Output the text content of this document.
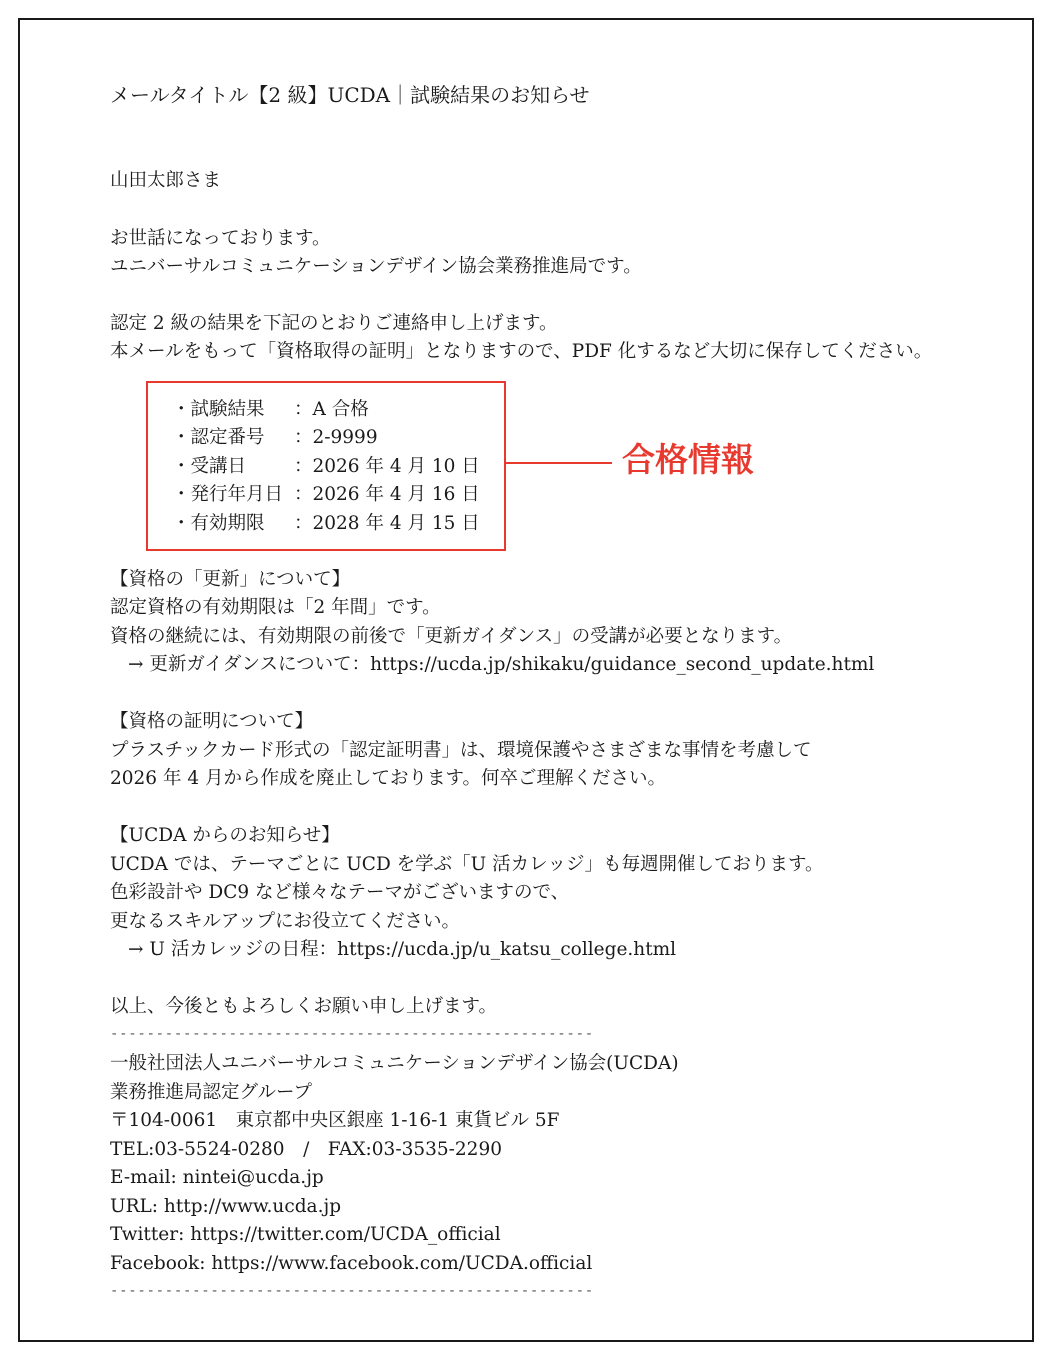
メールタイトル【2 級】UCDA｜試験結果のお知らせ
山田太郎さま
お世話になっております。
ユニバーサルコミュニケーションデザイン協会業務推進局です。
認定 2 級の結果を下記のとおりご連絡申し上げます。
本メールをもって「資格取得の証明」となりますので、PDF 化するなど大切に保存してください。
・試験結果 ：A 合格
・認定番号 ：2-9999
・受講日	：2026 年 4 月 10 日
・発行年月日 ：2026 年 4 月 16 日
・有効期限 ：2028 年 4 月 15 日
合格情報
【資格の「更新」について】
認定資格の有効期限は「2 年間」です。
資格の継続には、有効期限の前後で「更新ガイダンス」の受講が必要となります。
→ 更新ガイダンスについて：https://ucda.jp/shikaku/guidance_second_update.html
【資格の証明について】
プラスチックカード形式の「認定証明書」は、環境保護やさまざまな事情を考慮して
2026 年 4 月から作成を廃止しております。何卒ご理解ください。
【UCDA からのお知らせ】
UCDA では、テーマごとに UCD を学ぶ「U 活カレッジ」も毎週開催しております。
色彩設計や DC9 など様々なテーマがございますので、
更なるスキルアップにお役立てください。
→ U 活カレッジの日程：https://ucda.jp/u_katsu_college.html
以上、今後ともよろしくお願い申し上げます。
-----------------------------------------------------
一般社団法人ユニバーサルコミュニケーションデザイン協会(UCDA)
業務推進局認定グループ
〒104-0061　東京都中央区銀座 1-16-1 東貨ビル 5F
TEL:03-5524-0280　/　FAX:03-3535-2290
E-mail: nintei@ucda.jp
URL: http://www.ucda.jp
Twitter: https://twitter.com/UCDA_official
Facebook: https://www.facebook.com/UCDA.official
-----------------------------------------------------
